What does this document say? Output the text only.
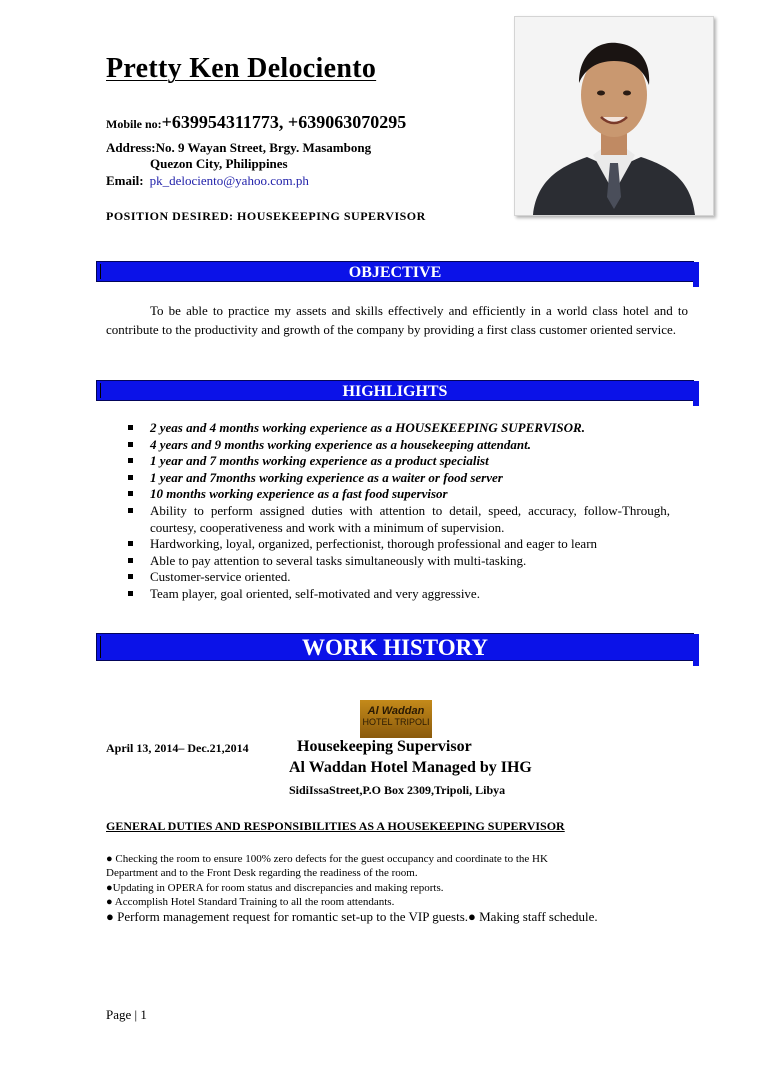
Pretty Ken Delociento
Mobile no:+639954311773, +639063070295
Address:No. 9 Wayan Street, Brgy. Masambong
Quezon City, Philippines
Email: pk_delociento@yahoo.com.ph
POSITION DESIRED: HOUSEKEEPING SUPERVISOR
OBJECTIVE
To be able to practice my assets and skills effectively and efficiently in a world class hotel and to contribute to the productivity and growth of the company by providing a first class customer oriented service.
HIGHLIGHTS
2 yeas and 4 months working experience as a HOUSEKEEPING SUPERVISOR.
4 years and 9 months working experience as a housekeeping attendant.
1 year and 7 months working experience as a product specialist
1 year and 7months working experience as a waiter or food server
10 months working experience as a fast food supervisor
Ability to perform assigned duties with attention to detail, speed, accuracy, follow-Through, courtesy, cooperativeness and work with a minimum of supervision.
Hardworking, loyal, organized, perfectionist, thorough professional and eager to learn
Able to pay attention to several tasks simultaneously with multi-tasking.
Customer-service oriented.
Team player, goal oriented, self-motivated and very aggressive.
WORK HISTORY
Al Waddan
HOTEL TRIPOLI
April 13, 2014– Dec.21,2014	Housekeeping Supervisor
Al Waddan Hotel Managed by IHG
SidiIssaStreet,P.O Box 2309,Tripoli, Libya
GENERAL DUTIES AND RESPONSIBILITIES AS A HOUSEKEEPING SUPERVISOR
● Checking the room to ensure 100% zero defects for the guest occupancy and coordinate to the HK
Department and to the Front Desk regarding the readiness of the room.
●Updating in OPERA for room status and discrepancies and making reports.
● Accomplish Hotel Standard Training to all the room attendants.
● Perform management request for romantic set-up to the VIP guests.● Making staff schedule.
Page | 1
